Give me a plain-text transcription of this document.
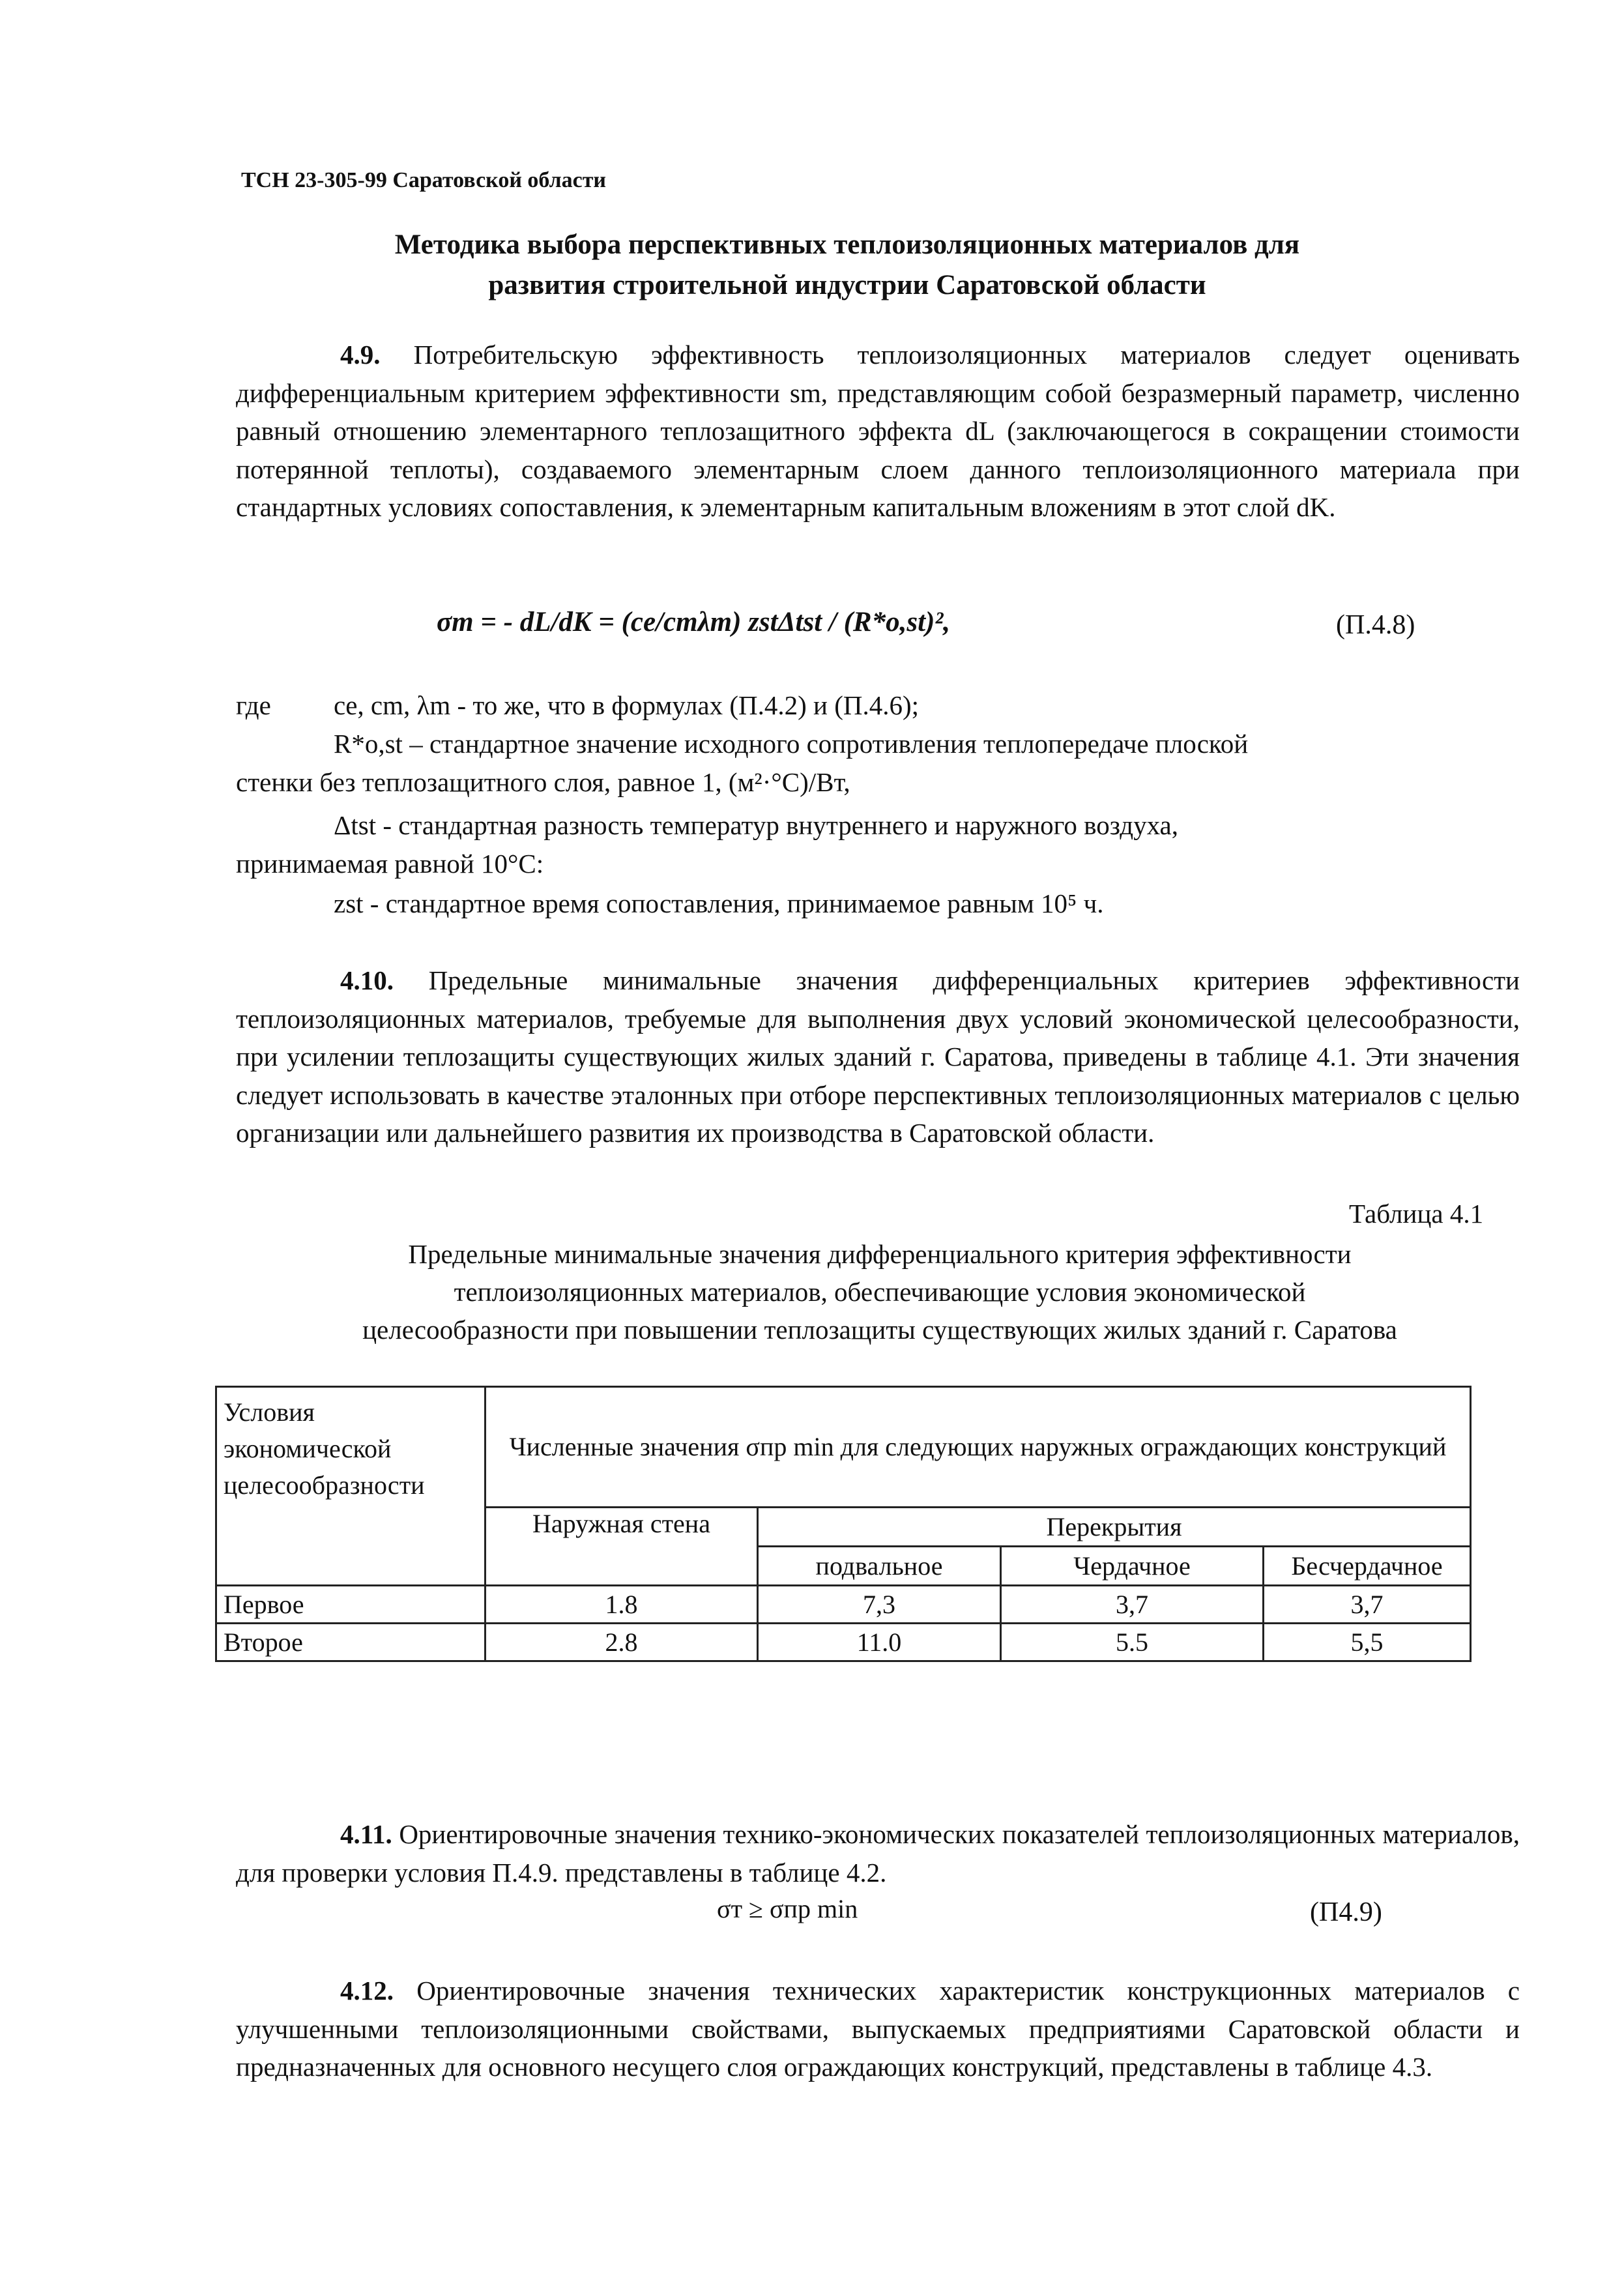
ТСН 23-305-99 Саратовской области
Методика выбора перспективных теплоизоляционных материалов для
развития строительной индустрии Саратовской области
4.9. Потребительскую эффективность теплоизоляционных материалов следует оценивать дифференциальным критерием эффективности sm, представляющим собой безразмерный параметр, численно равный отношению элементарного теплозащитного эффекта dL (заключающегося в сокращении стоимости потерянной теплоты), создаваемого элементарным слоем данного теплоизоляционного материала при стандартных условиях сопоставления, к элементарным капитальным вложениям в этот слой dK.
σm = - dL/dK = (ce/cmλm) zstΔtst / (R*o,st)²,	(П.4.8)
где ce, cm, λm - то же, что в формулах (П.4.2) и (П.4.6);
R*o,st – стандартное значение исходного сопротивления теплопередаче плоской
стенки без теплозащитного слоя, равное 1, (м²·°С)/Вт,
Δtst - стандартная разность температур внутреннего и наружного воздуха,
принимаемая равной 10°С:
zst - стандартное время сопоставления, принимаемое равным 10⁵ ч.
4.10. Предельные минимальные значения дифференциальных критериев эффективности теплоизоляционных материалов, требуемые для выполнения двух условий экономической целесообразности, при усилении теплозащиты существующих жилых зданий г. Саратова, приведены в таблице 4.1. Эти значения следует использовать в качестве эталонных при отборе перспективных теплоизоляционных материалов с целью организации или дальнейшего развития их производства в Саратовской области.
Таблица 4.1
Предельные минимальные значения дифференциального критерия эффективности
теплоизоляционных материалов, обеспечивающие условия экономической
целесообразности при повышении теплозащиты существующих жилых зданий г. Саратова
Условия экономической целесообразности	Численные значения σпр min для следующих наружных ограждающих конструкций			
	Наружная стена	Перекрытия		
		подвальное	Чердачное	Бесчердачное
Первое	1.8	7,3	3,7	3,7
Второе	2.8	11.0	5.5	5,5
4.11. Ориентировочные значения технико-экономических показателей теплоизоляционных материалов, для проверки условия П.4.9. представлены в таблице 4.2.
σт ≥ σпр min	(П4.9)
4.12. Ориентировочные значения технических характеристик конструкционных материалов с улучшенными теплоизоляционными свойствами, выпускаемых предприятиями Саратовской области и предназначенных для основного несущего слоя ограждающих конструкций, представлены в таблице 4.3.
